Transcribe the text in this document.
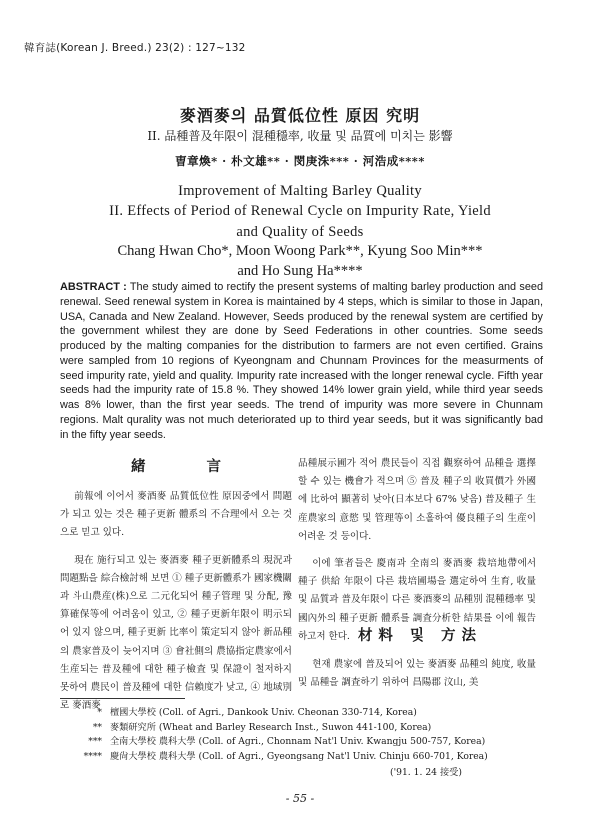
韓育誌(Korean J. Breed.) 23(2) : 127~132
麥酒麥의 品質低位性 原因 究明
II. 品種普及年限이 混種穩率, 收量 및 品質에 미치는 影響
曺章煥* · 朴文雄** · 閔庚洙*** · 河浩成****
Improvement of Malting Barley Quality
II. Effects of Period of Renewal Cycle on Impurity Rate, Yield
and Quality of Seeds
Chang Hwan Cho*, Moon Woong Park**, Kyung Soo Min***
and Ho Sung Ha****

ABSTRACT : The study aimed to rectify the present systems of malting barley production and seed renewal. Seed renewal system in Korea is maintained by 4 steps, which is similar to those in Japan, USA, Canada and New Zealand. However, Seeds produced by the renewal system are certified by the government whilest they are done by Seed Federations in other countries. Some seeds produced by the malting companies for the distribution to farmers are not even certified. Grains were sampled from 10 regions of Kyeongnam and Chunnam Provinces for the measurments of seed impurity rate, yield and quality. Impurity rate increased with the longer renewal cycle. Fifth year seeds had the impurity rate of 15.8 %. They showed 14% lower grain yield, while third year seeds was 8% lower, than the first year seeds. The trend of impurity was more severe in Chunnam regions. Malt qurality was not much deteriorated up to third year seeds, but it was significantly bad in the fifty year seeds.

緒 言

前報에 이어서 麥酒麥 品質低位性 原因중에서 問題가 되고 있는 것은 種子更新 體系의 不合理에서 오는 것으로 믿고 있다.

現在 施行되고 있는 麥酒麥 種子更新體系의 現況과 問題點을 綜合檢討해 보면 ① 種子更新體系가 國家機關과 斗山農産(株)으로 二元化되어 種子管理 및 分配, 豫算確保等에 어려움이 있고, ② 種子更新年限이 明示되어 있지 않으며, 種子更新 比率이 策定되지 않아 新品種의 農家普及이 늦어지며 ③ 會社側의 農協指定農家에서 生産되는 普及種에 대한 種子檢査 및 保證이 철저하지 못하여 農民이 普及種에 대한 信賴度가 낮고, ④ 地域別로 麥酒麥

品種展示圃가 적어 農民들이 직접 觀察하여 品種을 選擇할 수 있는 機會가 적으며 ⑤ 普及 種子의 收買價가 外國에 比하여 顯著히 낮아(日本보다 67% 낮음) 普及種子 生産農家의 意慾 및 管理等이 소홀하여 優良種子의 生産이 어려운 것 등이다.

이에 筆者들은 慶南과 全南의 麥酒麥 栽培地帶에서 種子 供給 年限이 다른 栽培圃場을 選定하여 生育, 收量 및 品質과 普及年限이 다른 麥酒麥의 品種別 混種穩率 및 國內外의 種子更新 體系를 調査分析한 結果를 이에 報告하고저 한다. 材料 및 方法

현재 農家에 普及되어 있는 麥酒麥 品種의 純度, 收量 및 品種을 調査하기 위하여 昌陽郡 汶山, 美

* 檀國大學校 (Coll. of Agri., Dankook Univ. Cheonan 330-714, Korea)
** 麥類研究所 (Wheat and Barley Research Inst., Suwon 441-100, Korea)
*** 全南大學校 農科大學 (Coll. of Agri., Chonnam Nat'l Univ. Kwangju 500-757, Korea)
**** 慶尙大學校 農科大學 (Coll. of Agri., Gyeongsang Nat'l Univ. Chinju 660-701, Korea)
('91. 1. 24 接受)
- 55 -
